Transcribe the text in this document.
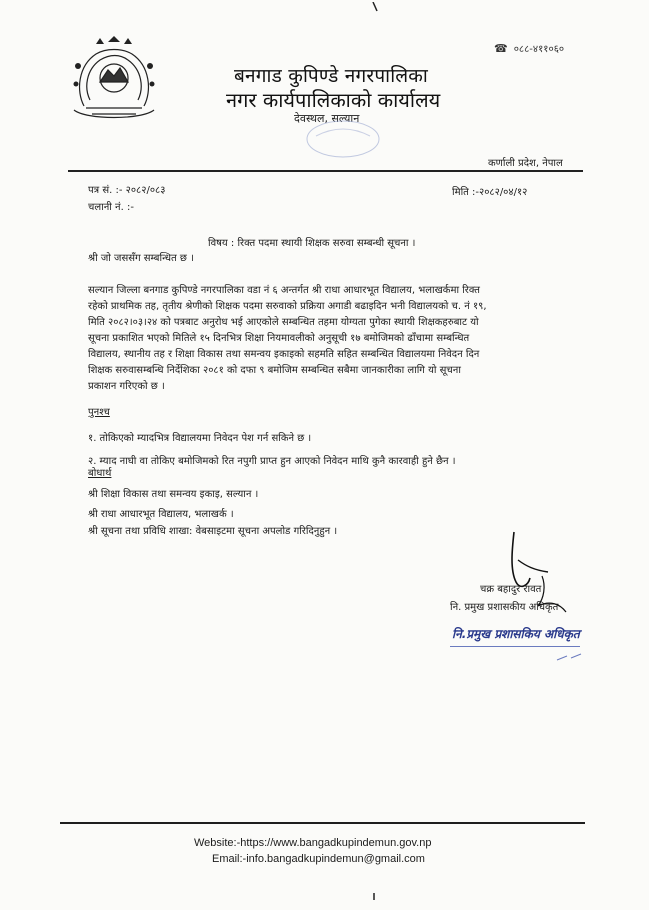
बनगाड कुपिण्डे नगरपालिका
नगर कार्यपालिकाको कार्यालय
देवस्थल, सल्यान
☎ ०८८-४११०६०
कर्णाली प्रदेश, नेपाल
पत्र सं. :- २०८२/०८३
चलानी नं. :-
मिति :-२०८२/०४/१२
विषय : रिक्त पदमा स्थायी शिक्षक सरुवा सम्बन्धी सूचना ।
श्री जो जससँग सम्बन्धित छ ।
सल्यान जिल्ला बनगाड कुपिण्डे नगरपालिका वडा नं ६ अन्तर्गत श्री राधा आधारभूत विद्यालय, भलाखर्कमा रिक्त
रहेको प्राथमिक तह, तृतीय श्रेणीको शिक्षक पदमा सरुवाको प्रक्रिया अगाडी बढाइदिन भनी विद्यालयको च. नं १९,
मिति २०८२।०३।२४ को पत्रबाट अनुरोध भई आएकोले सम्बन्धित तहमा योग्यता पुगेका स्थायी शिक्षकहरुबाट यो
सूचना प्रकाशित भएको मितिले १५ दिनभित्र शिक्षा नियमावलीको अनुसूची १७ बमोजिमको ढाँचामा सम्बन्धित
विद्यालय, स्थानीय तह र शिक्षा विकास तथा समन्वय इकाइको सहमति सहित सम्बन्धित विद्यालयमा निवेदन दिन
शिक्षक सरुवासम्बन्धि निर्देशिका २०८१ को दफा ९ बमोजिम सम्बन्धित सबैमा जानकारीका लागि यो सूचना
प्रकाशन गरिएको छ ।
पुनश्च
१. तोकिएको म्यादभित्र विद्यालयमा निवेदन पेश गर्न सकिने छ ।
२. म्याद नाघी वा तोकिए बमोजिमको रित नपुगी प्राप्त हुन आएको निवेदन माथि कुनै कारवाही हुने छैन ।
बोधार्थ
श्री शिक्षा विकास तथा समन्वय इकाइ, सल्यान ।
श्री राधा आधारभूत विद्यालय, भलाखर्क ।
श्री सूचना तथा प्रविधि शाखा: वेबसाइटमा सूचना अपलोड गरिदिनुहुन ।
चक्र बहादुर रावत
नि. प्रमुख प्रशासकीय अधिकृत
नि.प्रमुख प्रशासकिय अधिकृत
Website:-https://www.bangadkupindemun.gov.np
Email:-info.bangadkupindemun@gmail.com
